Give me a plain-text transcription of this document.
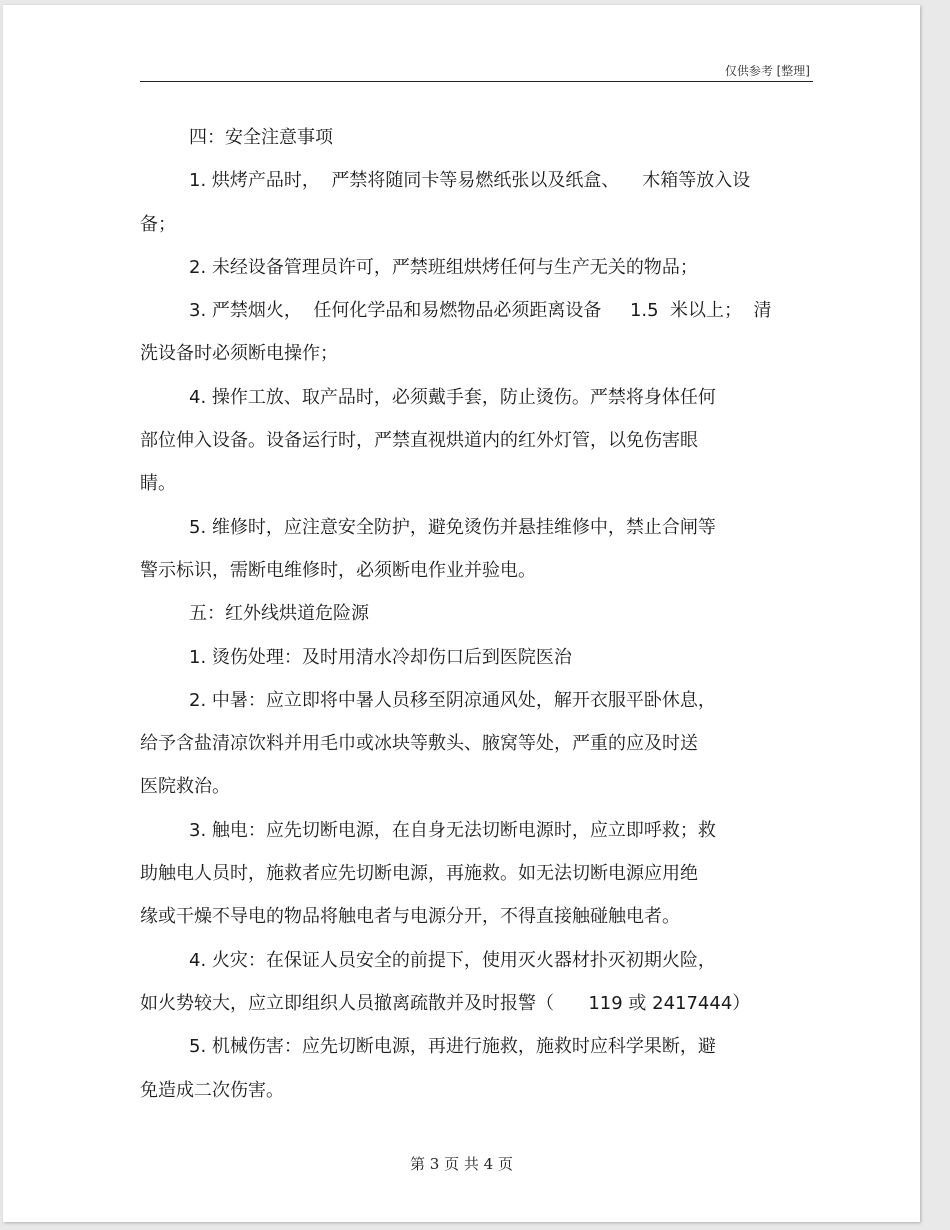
仅供参考 [整理]
四：安全注意事项
1. 烘烤产品时，  严禁将随同卡等易燃纸张以及纸盒、    木箱等放入设
备；
2. 未经设备管理员许可，严禁班组烘烤任何与生产无关的物品；
3. 严禁烟火，  任何化学品和易燃物品必须距离设备     1.5  米以上；  清
洗设备时必须断电操作；
4. 操作工放、取产品时，必须戴手套，防止烫伤。严禁将身体任何
部位伸入设备。设备运行时，严禁直视烘道内的红外灯管，以免伤害眼
睛。
5. 维修时，应注意安全防护，避免烫伤并悬挂维修中，禁止合闸等
警示标识，需断电维修时，必须断电作业并验电。
五：红外线烘道危险源
1. 烫伤处理：及时用清水冷却伤口后到医院医治
2. 中暑：应立即将中暑人员移至阴凉通风处，解开衣服平卧休息，
给予含盐清凉饮料并用毛巾或冰块等敷头、腋窝等处，严重的应及时送
医院救治。
3. 触电：应先切断电源，在自身无法切断电源时，应立即呼救；救
助触电人员时，施救者应先切断电源，再施救。如无法切断电源应用绝
缘或干燥不导电的物品将触电者与电源分开，不得直接触碰触电者。
4. 火灾：在保证人员安全的前提下，使用灭火器材扑灭初期火险，
如火势较大，应立即组织人员撤离疏散并及时报警（      119 或 2417444）
5. 机械伤害：应先切断电源，再进行施救，施救时应科学果断，避
免造成二次伤害。
第 3 页 共 4 页
